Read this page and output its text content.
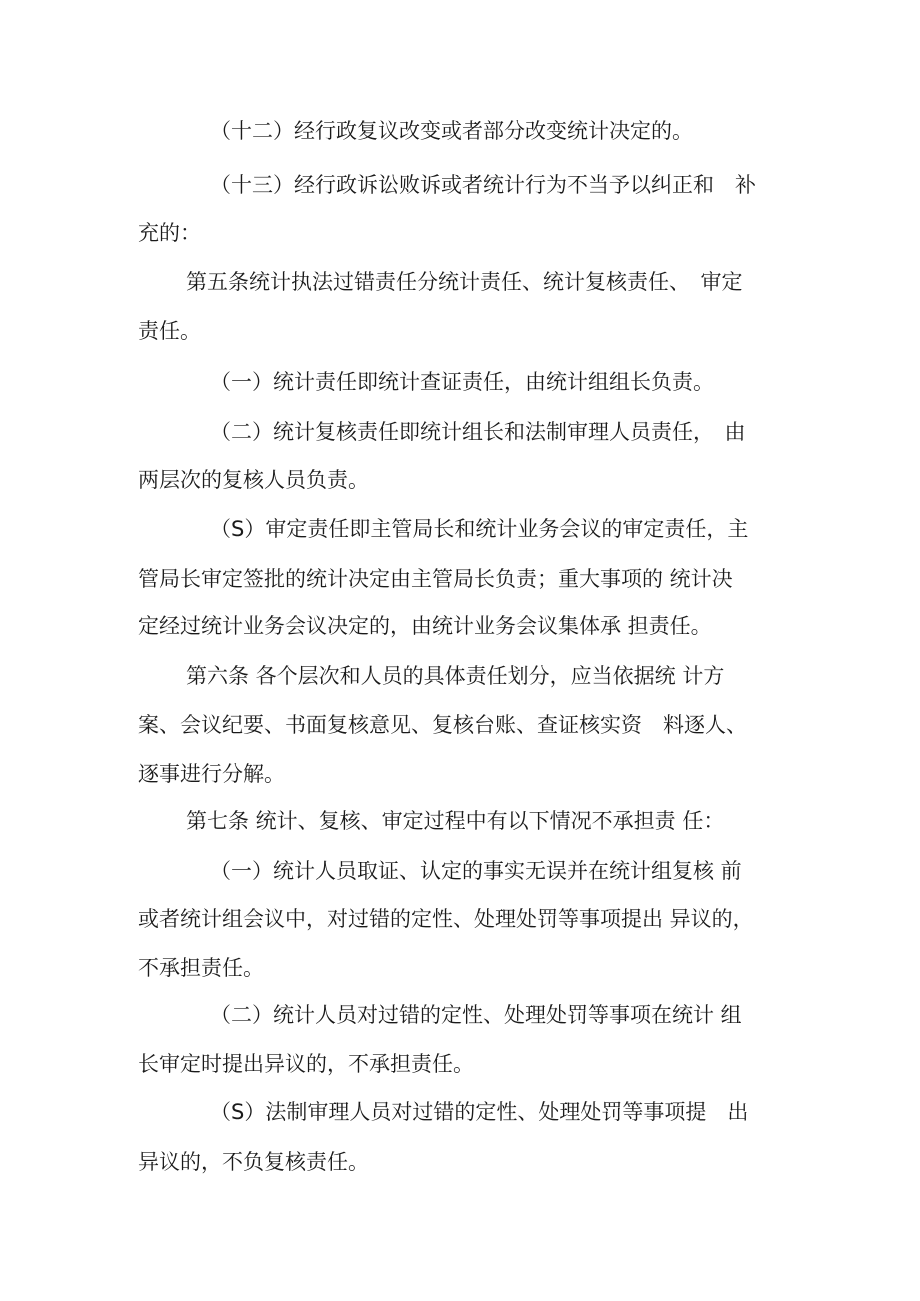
（十二）经行政复议改变或者部分改变统计决定的。
（十三）经行政诉讼败诉或者统计行为不当予以纠正和　补
充的：
第五条统计执法过错责任分统计责任、统计复核责任、　审定
责任。
（一）统计责任即统计查证责任，由统计组组长负责。
（二）统计复核责任即统计组长和法制审理人员责任，　由
两层次的复核人员负责。
（S）审定责任即主管局长和统计业务会议的审定责任，主
管局长审定签批的统计决定由主管局长负责；重大事项的 统计决
定经过统计业务会议决定的，由统计业务会议集体承 担责任。
第六条 各个层次和人员的具体责任划分，应当依据统 计方
案、会议纪要、书面复核意见、复核台账、查证核实资　料逐人、
逐事进行分解。
第七条 统计、复核、审定过程中有以下情况不承担责 任：
（一）统计人员取证、认定的事实无误并在统计组复核 前
或者统计组会议中，对过错的定性、处理处罚等事项提出 异议的，
不承担责任。
（二）统计人员对过错的定性、处理处罚等事项在统计 组
长审定时提出异议的，不承担责任。
（S）法制审理人员对过错的定性、处理处罚等事项提　出
异议的，不负复核责任。
